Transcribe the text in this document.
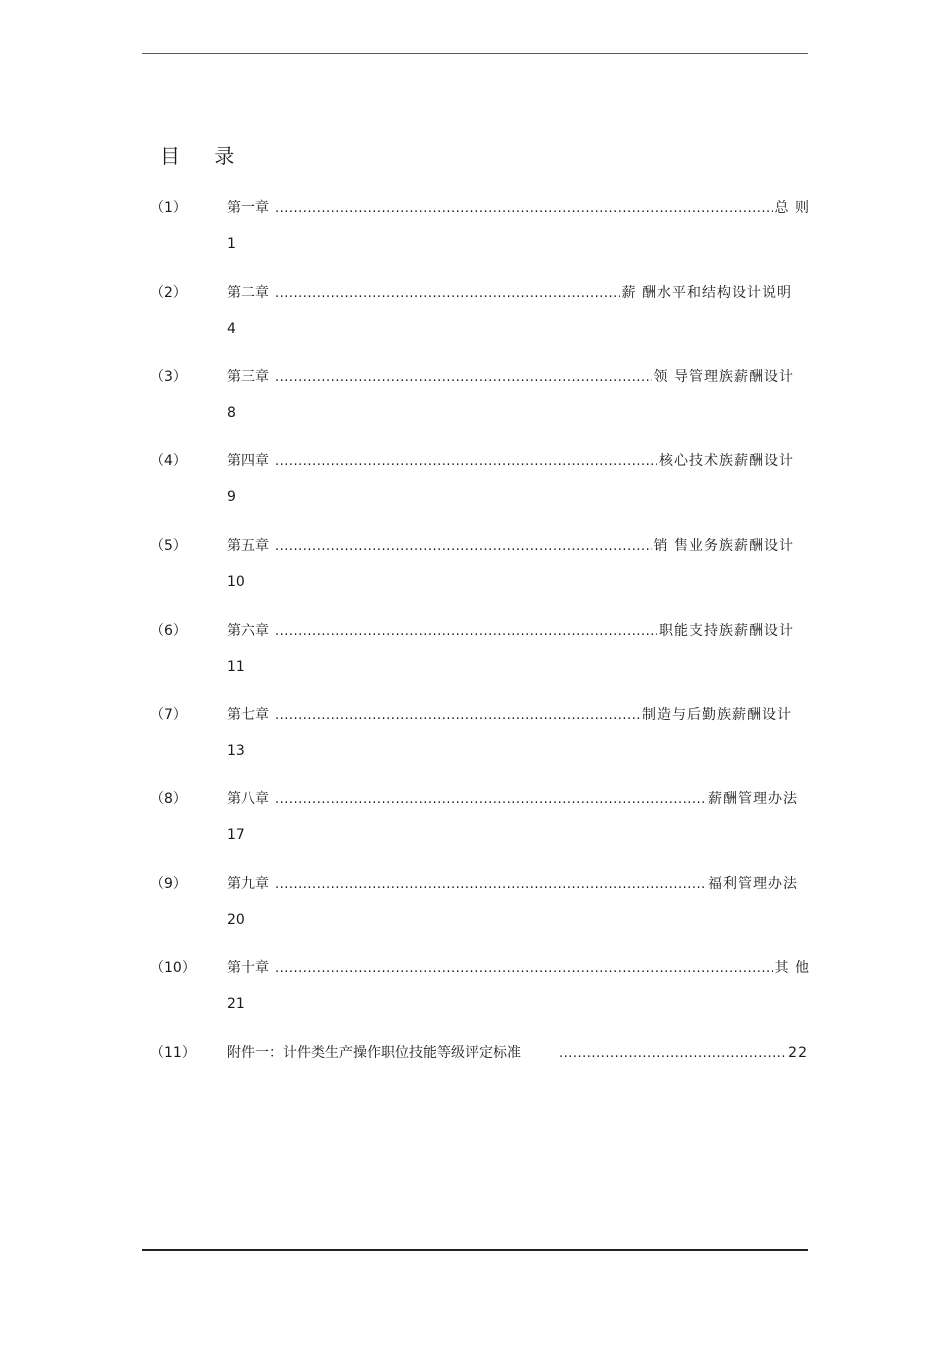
目 录
（1）	第一章 .....	总 则
1
（2）	第二章 .....	薪 酬水平和结构设计说明
4
（3）	第三章 .....	领 导管理族薪酬设计
8
（4）	第四章 .....	核心技术族薪酬设计
9
（5）	第五章 .....	销 售业务族薪酬设计
10
（6）	第六章 .....	职能支持族薪酬设计
11
（7）	第七章 .....	制造与后勤族薪酬设计
13
（8）	第八章 .....	薪酬管理办法
17
（9）	第九章 .....	福利管理办法
20
（10） 第十章 .....	其 他
21
（11） 附件一：计件类生产操作职位技能等级评定标准 .....	22
